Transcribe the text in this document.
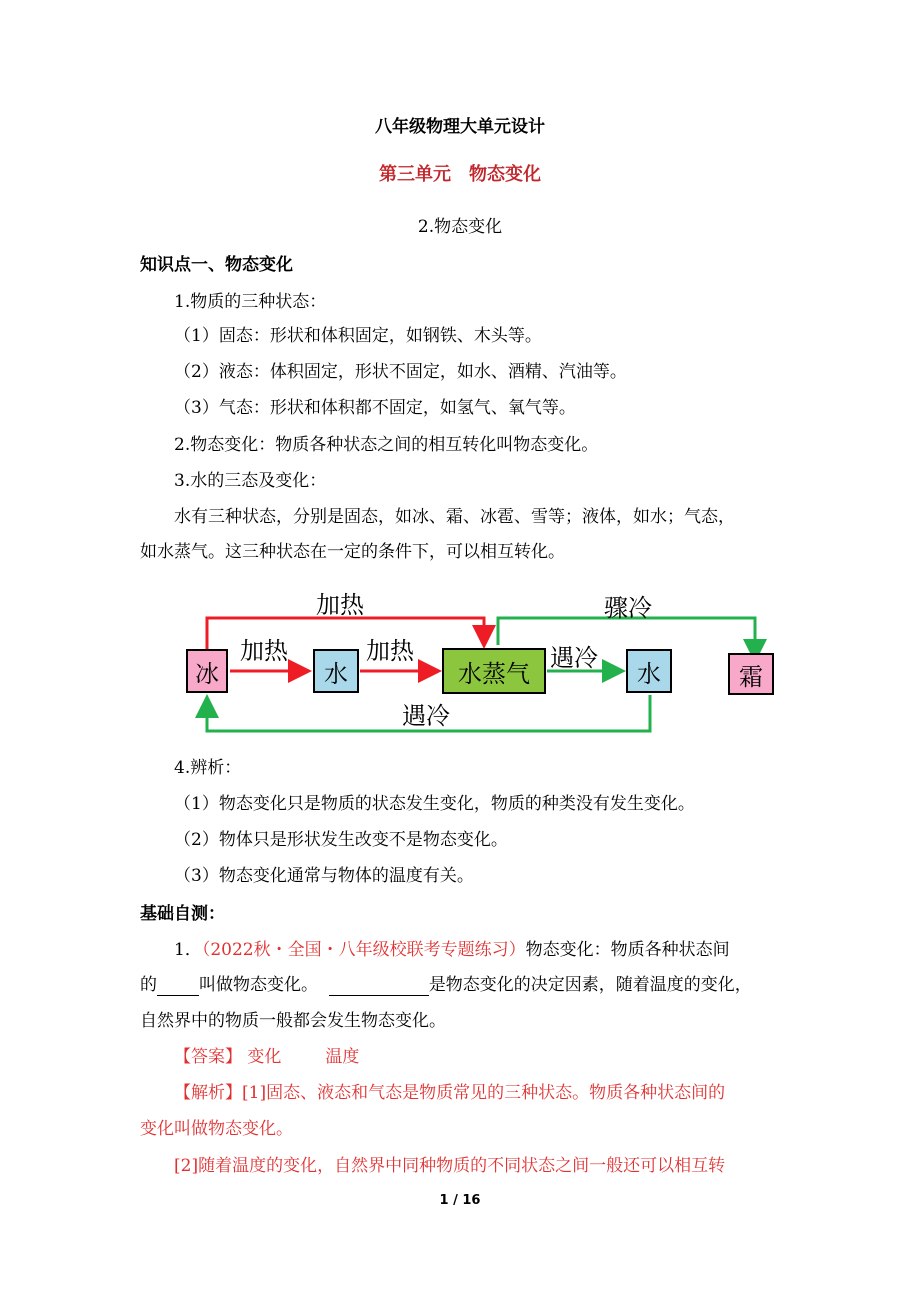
八年级物理大单元设计
第三单元　物态变化
2.物态变化
知识点一、物态变化
1.物质的三种状态：
（1）固态：形状和体积固定，如钢铁、木头等。
（2）液态：体积固定，形状不固定，如水、酒精、汽油等。
（3）气态：形状和体积都不固定，如氢气、氧气等。
2.物态变化：物质各种状态之间的相互转化叫物态变化。
3.水的三态及变化：
水有三种状态，分别是固态，如冰、霜、冰雹、雪等；液体，如水；气态，
如水蒸气。这三种状态在一定的条件下，可以相互转化。
冰	水	水蒸气	水	霜
加热
加热	加热
骤冷
遇冷
遇冷
4.辨析：
（1）物态变化只是物质的状态发生变化，物质的种类没有发生变化。
（2）物体只是形状发生改变不是物态变化。
（3）物态变化通常与物体的温度有关。
基础自测：
1．（2022秋・全国・八年级校联考专题练习）物态变化：物质各种状态间
的 叫做物态变化。	是物态变化的决定因素，随着温度的变化，
自然界中的物质一般都会发生物态变化。
【答案】 变化	温度
【解析】[1]固态、液态和气态是物质常见的三种状态。物质各种状态间的
变化叫做物态变化。
[2]随着温度的变化，自然界中同种物质的不同状态之间一般还可以相互转
1 / 16
